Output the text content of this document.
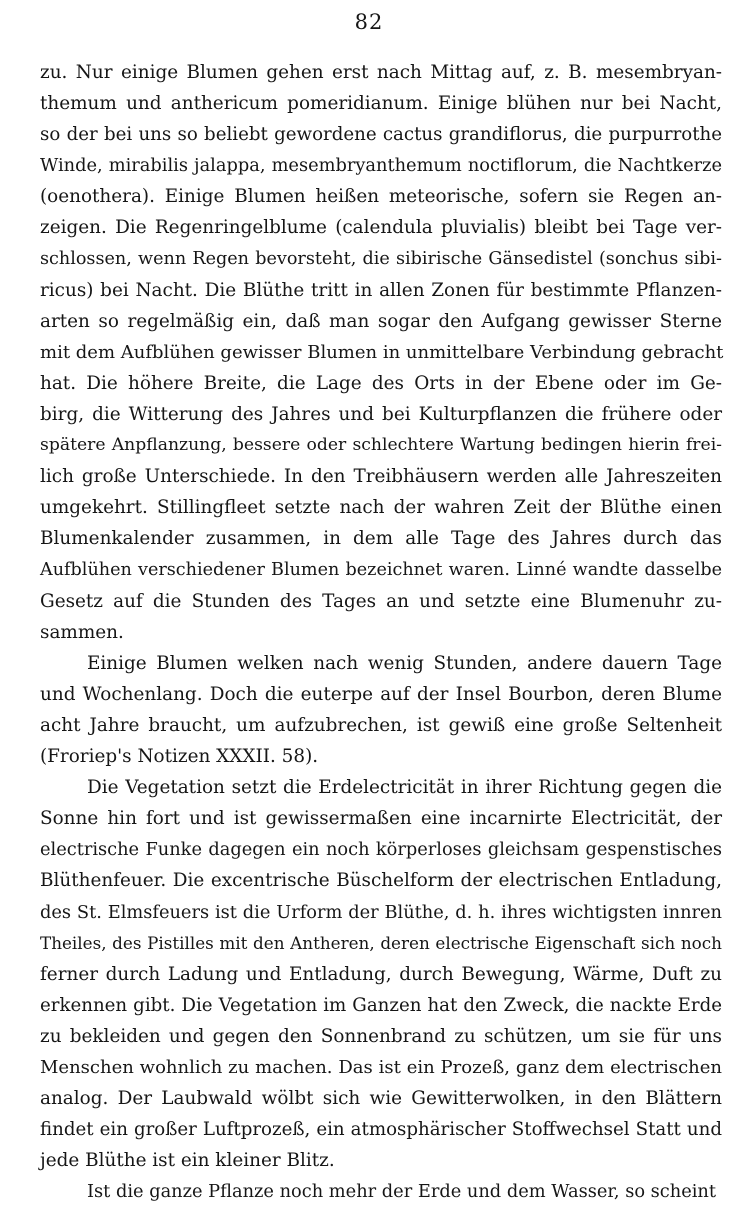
82
zu. Nur einige Blumen gehen erst nach Mittag auf, z. B. mesembryan-
themum und anthericum pomeridianum. Einige blühen nur bei Nacht,
so der bei uns so beliebt gewordene cactus grandiflorus, die purpurrothe
Winde, mirabilis jalappa, mesembryanthemum noctiflorum, die Nachtkerze
(oenothera). Einige Blumen heißen meteorische, sofern sie Regen an-
zeigen. Die Regenringelblume (calendula pluvialis) bleibt bei Tage ver-
schlossen, wenn Regen bevorsteht, die sibirische Gänsedistel (sonchus sibi-
ricus) bei Nacht. Die Blüthe tritt in allen Zonen für bestimmte Pflanzen-
arten so regelmäßig ein, daß man sogar den Aufgang gewisser Sterne
mit dem Aufblühen gewisser Blumen in unmittelbare Verbindung gebracht
hat. Die höhere Breite, die Lage des Orts in der Ebene oder im Ge-
birg, die Witterung des Jahres und bei Kulturpflanzen die frühere oder
spätere Anpflanzung, bessere oder schlechtere Wartung bedingen hierin frei-
lich große Unterschiede. In den Treibhäusern werden alle Jahreszeiten
umgekehrt. Stillingfleet setzte nach der wahren Zeit der Blüthe einen
Blumenkalender zusammen, in dem alle Tage des Jahres durch das
Aufblühen verschiedener Blumen bezeichnet waren. Linné wandte dasselbe
Gesetz auf die Stunden des Tages an und setzte eine Blumenuhr zu-
sammen.
Einige Blumen welken nach wenig Stunden, andere dauern Tage
und Wochenlang. Doch die euterpe auf der Insel Bourbon, deren Blume
acht Jahre braucht, um aufzubrechen, ist gewiß eine große Seltenheit
(Froriep's Notizen XXXII. 58).
Die Vegetation setzt die Erdelectricität in ihrer Richtung gegen die
Sonne hin fort und ist gewissermaßen eine incarnirte Electricität, der
electrische Funke dagegen ein noch körperloses gleichsam gespenstisches
Blüthenfeuer. Die excentrische Büschelform der electrischen Entladung,
des St. Elmsfeuers ist die Urform der Blüthe, d. h. ihres wichtigsten innren
Theiles, des Pistilles mit den Antheren, deren electrische Eigenschaft sich noch
ferner durch Ladung und Entladung, durch Bewegung, Wärme, Duft zu
erkennen gibt. Die Vegetation im Ganzen hat den Zweck, die nackte Erde
zu bekleiden und gegen den Sonnenbrand zu schützen, um sie für uns
Menschen wohnlich zu machen. Das ist ein Prozeß, ganz dem electrischen
analog. Der Laubwald wölbt sich wie Gewitterwolken, in den Blättern
findet ein großer Luftprozeß, ein atmosphärischer Stoffwechsel Statt und
jede Blüthe ist ein kleiner Blitz.
Ist die ganze Pflanze noch mehr der Erde und dem Wasser, so scheint
